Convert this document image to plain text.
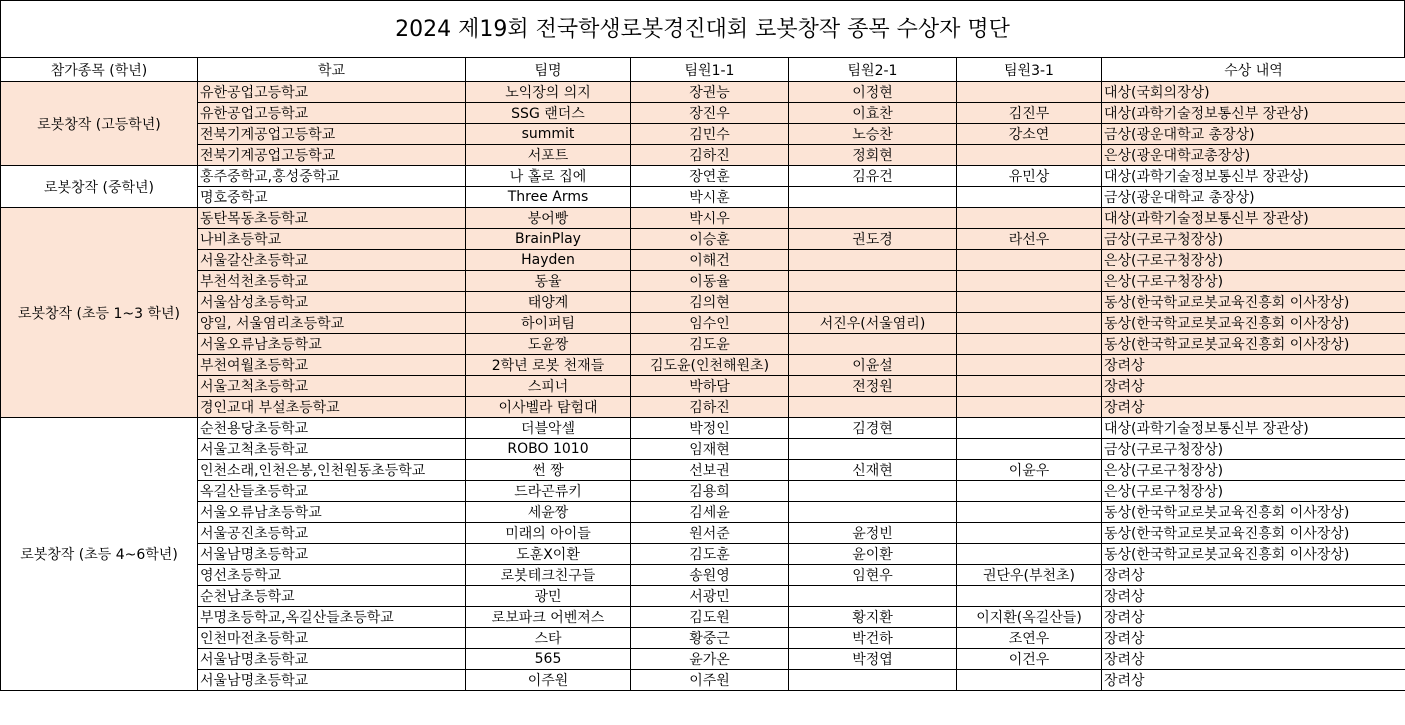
2024 제19회 전국학생로봇경진대회 로봇창작 종목 수상자 명단
참가종목 (학년)	학교	팀명	팀원1-1	팀원2-1	팀원3-1	수상 내역
로봇창작 (고등학년)	유한공업고등학교	노익장의 의지	장권능	이정현		대상(국회의장상)
	유한공업고등학교	SSG 랜더스	장진우	이효찬	김진무	대상(과학기술정보통신부 장관상)
	전북기계공업고등학교	summit	김민수	노승찬	강소연	금상(광운대학교 총장상)
	전북기계공업고등학교	서포트	김하진	정회현		은상(광운대학교총장상)
로봇창작 (중학년)	홍주중학교,홍성중학교	나 홀로 집에	장연훈	김유건	유민상	대상(과학기술정보통신부 장관상)
	명호중학교	Three Arms	박시훈			금상(광운대학교 총장상)
로봇창작 (초등 1~3 학년)	동탄목동초등학교	붕어빵	박시우			대상(과학기술정보통신부 장관상)
	나비초등학교	BrainPlay	이승훈	권도경	라선우	금상(구로구청장상)
	서울갈산초등학교	Hayden	이해건			은상(구로구청장상)
	부천석천초등학교	동율	이동율			은상(구로구청장상)
	서울삼성초등학교	태양계	김의현			동상(한국학교로봇교육진흥회 이사장상)
	양일, 서울염리초등학교	하이퍼팀	임수인	서진우(서울염리)		동상(한국학교로봇교육진흥회 이사장상)
	서울오류남초등학교	도윤짱	김도윤			동상(한국학교로봇교육진흥회 이사장상)
	부천여월초등학교	2학년 로봇 천재들	김도윤(인천해원초)	이윤설		장려상
	서울고척초등학교	스피너	박하담	전정원		장려상
	경인교대 부설초등학교	이사벨라 탐험대	김하진			장려상
로봇창작 (초등 4~6학년)	순천용당초등학교	더블악셀	박정인	김경현		대상(과학기술정보통신부 장관상)
	서울고척초등학교	ROBO 1010	임재현			금상(구로구청장상)
	인천소래,인천은봉,인천원동초등학교	썬 짱	선보권	신재현	이윤우	은상(구로구청장상)
	옥길산들초등학교	드라곤류키	김용희			은상(구로구청장상)
	서울오류남초등학교	세윤짱	김세윤			동상(한국학교로봇교육진흥회 이사장상)
	서울공진초등학교	미래의 아이들	원서준	윤정빈		동상(한국학교로봇교육진흥회 이사장상)
	서울남명초등학교	도훈X이환	김도훈	윤이환		동상(한국학교로봇교육진흥회 이사장상)
	영선초등학교	로봇테크친구들	송원영	임현우	권단우(부천초)	장려상
	순천남초등학교	광민	서광민			장려상
	부명초등학교,옥길산들초등학교	로보파크 어벤져스	김도원	황지환	이지환(옥길산들)	장려상
	인천마전초등학교	스타	황중근	박건하	조연우	장려상
	서울남명초등학교	565	윤가온	박정엽	이건우	장려상
	서울남명초등학교	이주원	이주원			장려상
